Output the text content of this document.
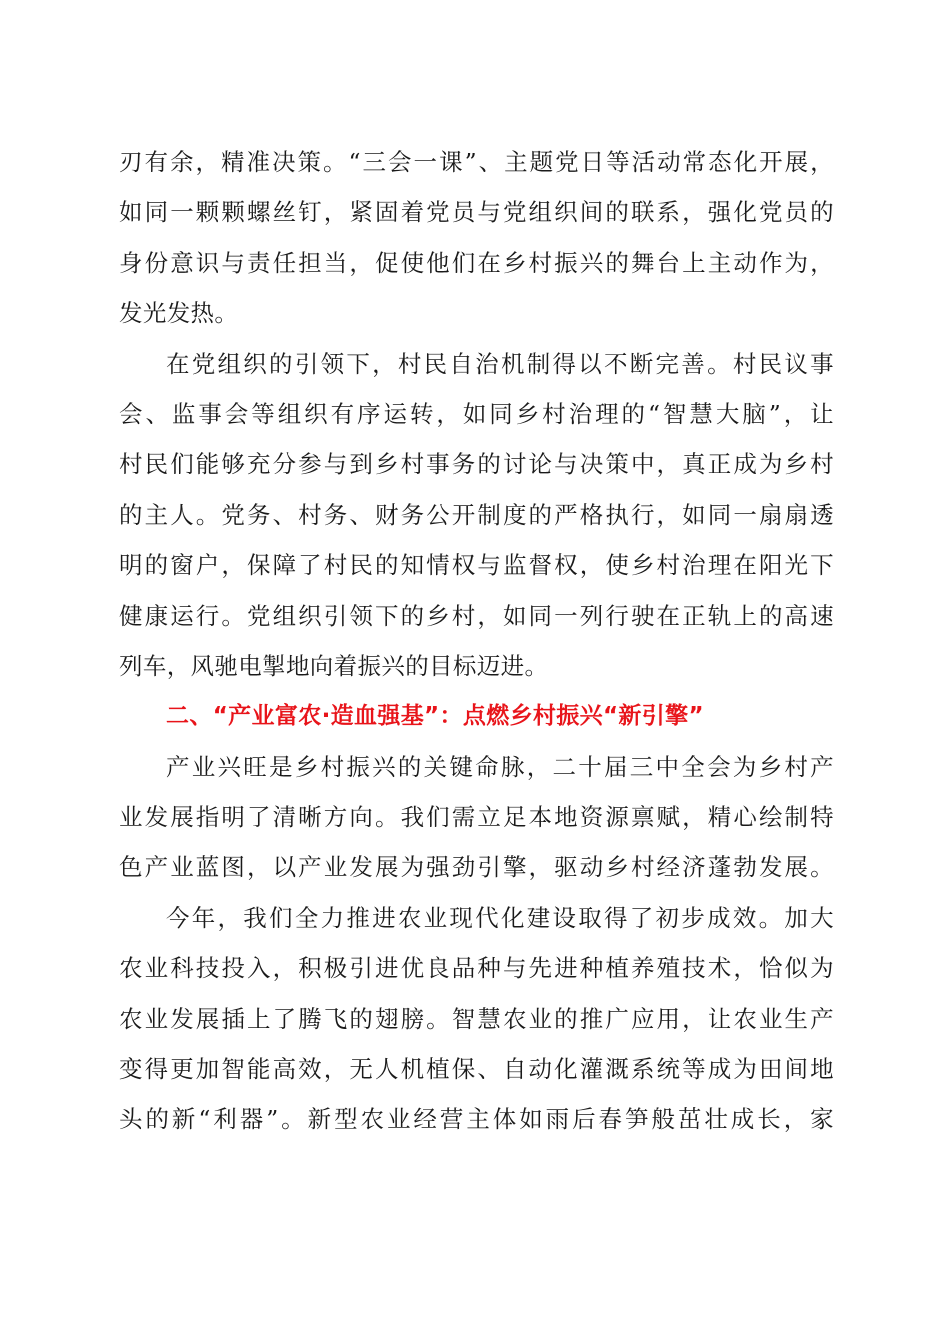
刃有余，精准决策。“三会一课”、主题党日等活动常态化开展，
如同一颗颗螺丝钉，紧固着党员与党组织间的联系，强化党员的
身份意识与责任担当，促使他们在乡村振兴的舞台上主动作为，
发光发热。
在党组织的引领下，村民自治机制得以不断完善。村民议事
会、监事会等组织有序运转，如同乡村治理的“智慧大脑”，让
村民们能够充分参与到乡村事务的讨论与决策中，真正成为乡村
的主人。党务、村务、财务公开制度的严格执行，如同一扇扇透
明的窗户，保障了村民的知情权与监督权，使乡村治理在阳光下
健康运行。党组织引领下的乡村，如同一列行驶在正轨上的高速
列车，风驰电掣地向着振兴的目标迈进。
二、“产业富农·造血强基”：点燃乡村振兴“新引擎”
产业兴旺是乡村振兴的关键命脉，二十届三中全会为乡村产
业发展指明了清晰方向。我们需立足本地资源禀赋，精心绘制特
色产业蓝图，以产业发展为强劲引擎，驱动乡村经济蓬勃发展。
今年，我们全力推进农业现代化建设取得了初步成效。加大
农业科技投入，积极引进优良品种与先进种植养殖技术，恰似为
农业发展插上了腾飞的翅膀。智慧农业的推广应用，让农业生产
变得更加智能高效，无人机植保、自动化灌溉系统等成为田间地
头的新“利器”。新型农业经营主体如雨后春笋般茁壮成长，家
